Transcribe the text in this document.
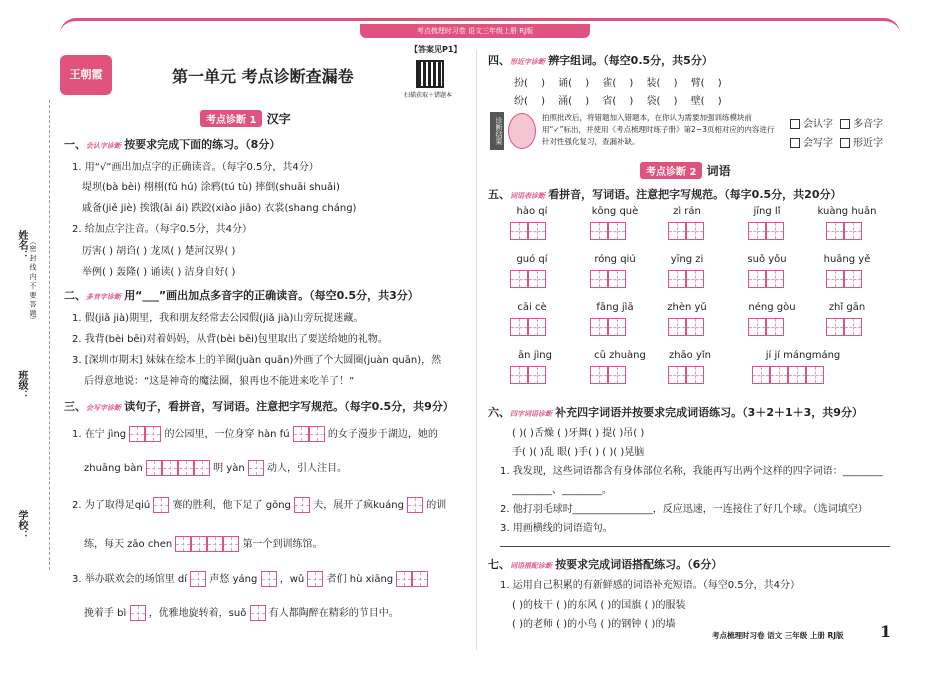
考点梳理时习卷 语文三年级上册 RJ版
王朝霞
【答案见P1】
第一单元 考点诊断查漏卷
扫描获取＋错题本
姓名： （密 封 线 内 不 要 答 题）
班级：
学校：
考点诊断 1 汉字
一、会认字诊断 按要求完成下面的练习。（8分）
1. 用“√”画出加点字的正确读音。（每字0.5分，共4分）
堤坝(bà bèi) 栩栩(fǔ hú) 涂鸦(tú tù) 摔倒(shuāi shuǎi)
戚备(jiě jiè) 挨饿(āi ái) 跌跤(xiào jiāo) 衣裳(shang cháng)
2. 给加点字注音。（每字0.5分，共4分）
厉害( ) 胡诌( ) 龙凤( ) 楚河汉界( )
举例( ) 轰隆( ) 诵读( ) 洁身自好( )
二、多音字诊断 用“___”画出加点多音字的正确读音。（每空0.5分，共3分）
1. 假(jiǎ jià)期里，我和朋友经常去公园假(jiǎ jià)山旁玩捉迷藏。
2. 我背(bèi bēi)对着妈妈，从背(bèi bēi)包里取出了要送给她的礼物。
3. [深圳市期末] 妹妹在绘本上的羊圈(juàn quān)外画了个大圆圈(juàn quān)，然
后得意地说：“这是神奇的魔法圈，狼再也不能进来吃羊了！”
三、会写字诊断 读句子，看拼音，写词语。注意把字写规范。（每字0.5分，共9分）
1. 在宁 jìng	的公园里，一位身穿 hàn fú	的女子漫步于湖边，她的
zhuāng bàn	明 yàn 动人，引人注目。
2. 为了取得足qiú 赛的胜利，他下足了 gōng 夫，展开了疯kuáng 的训
练，每天 zāo chen	第一个到训练馆。
3. 举办联欢会的场馆里 dí 声悠 yáng ，wǔ 者们 hù xiāng
挽着手 bì ，优雅地旋转着，suǒ 有人都陶醉在精彩的节目中。
四、形近字诊断 辨字组词。（每空0.5分，共5分）
扮( ) 诵( ) 雀( ) 装( ) 臂( )
纷( ) 涌( ) 省( ) 袋( ) 壁( )
诊断结果	拍照批改后，将错题加入错题本，在你认为需要加强训练模块前用“✓”标出，并使用《考点梳理时练子册》第2~3页相对应的内容进行针对性强化复习，查漏补缺。
会认字	多音字
会写字	形近字
考点诊断 2 词语
五、词语表诊断 看拼音，写词语。注意把字写规范。（每字0.5分，共20分）
hào qí	kōng què	zì rán	jīng lǐ	kuàng huān
guó qí	róng qiú	yīng zi	suǒ yǒu	huāng yě
cāi cè	fāng jìā	zhèn yǔ	néng gòu	zhǐ gān
ān jìng	cū zhuàng	zhāo yǐn	jí jí mángmáng
六、四字词语诊断 补充四字词语并按要求完成词语练习。（3＋2＋1＋3，共9分）
( )( )舌燥 ( )牙舞( ) 提( )吊( )
手( )( )乱 眼( )手( ) ( )( )晃脑
1. 我发现，这些词语都含有身体部位名称，我能再写出两个这样的四字词语：________
________、________。
2. 他打羽毛球时________________，反应迅速，一连接住了好几个球。（选词填空）
3. 用画横线的词语造句。
七、词语搭配诊断 按要求完成词语搭配练习。（6分）
1. 运用自己积累的有新鲜感的词语补充短语。（每空0.5分，共4分）
( )的枝干 ( )的东风 ( )的国旗 ( )的服装
( )的老师 ( )的小鸟 ( )的钢钟 ( )的墙
考点梳理时习卷 语文 三年级 上册 RJ版 1
